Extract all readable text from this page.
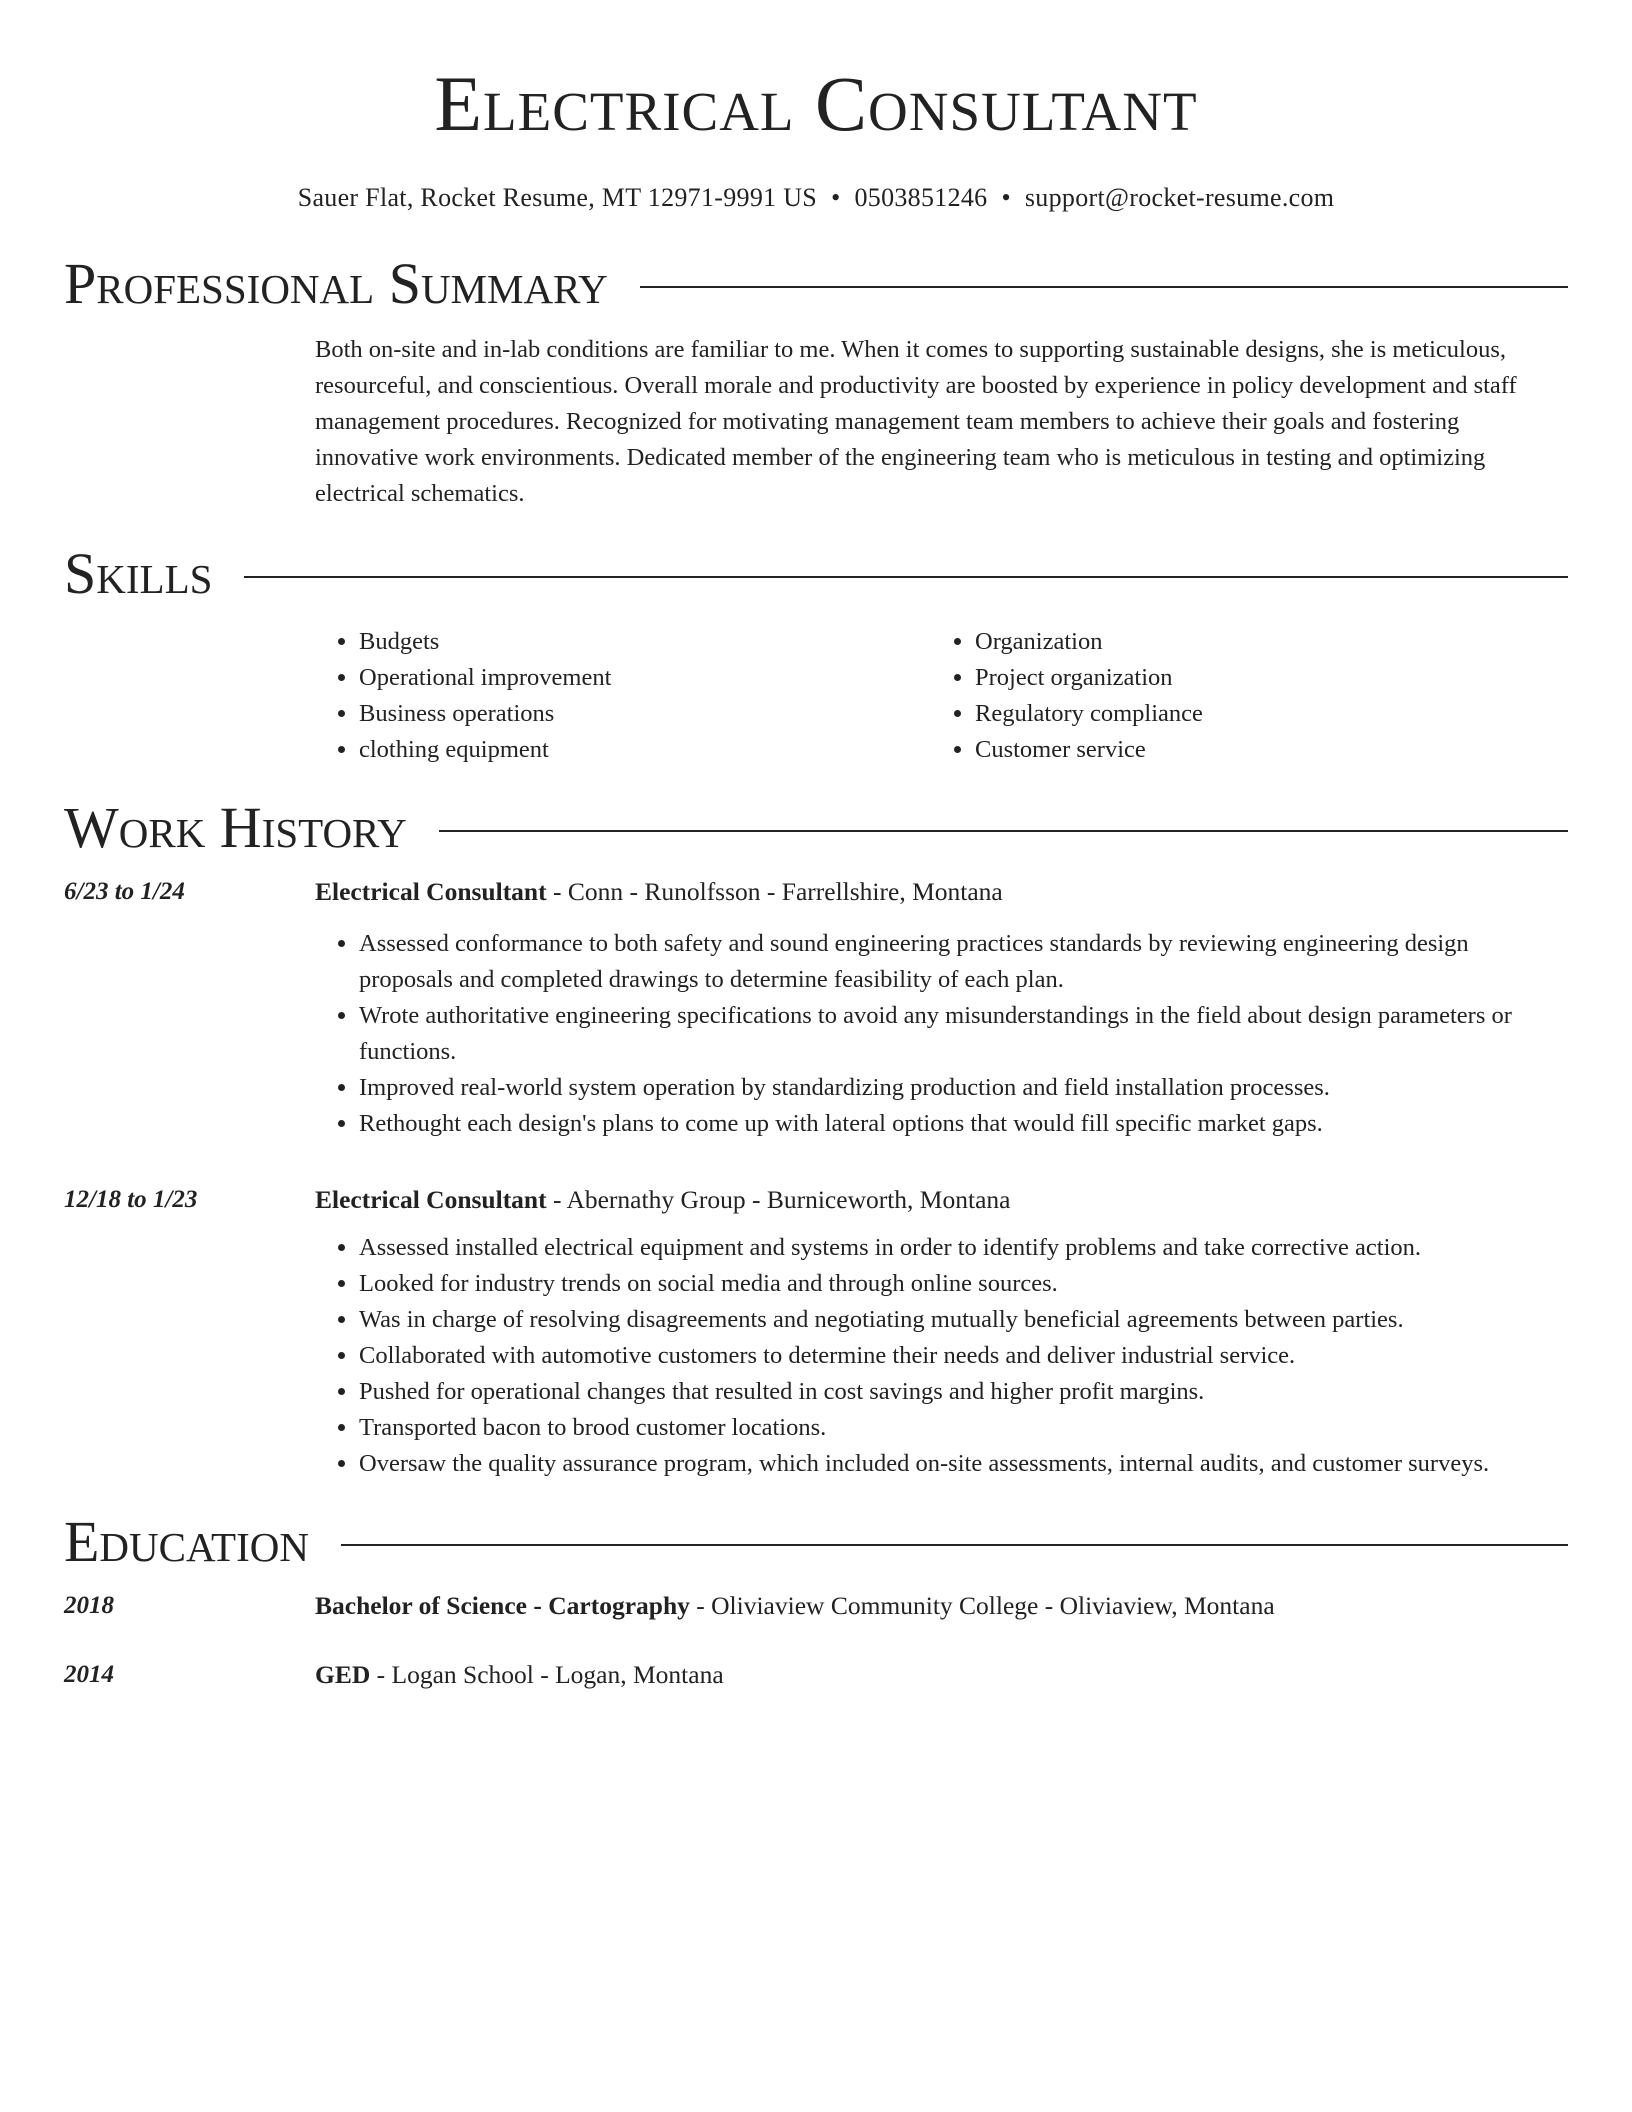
Electrical Consultant
Sauer Flat, Rocket Resume, MT 12971-9991 US • 0503851246 • support@rocket-resume.com
Professional Summary
Both on-site and in-lab conditions are familiar to me. When it comes to supporting sustainable designs, she is meticulous, resourceful, and conscientious. Overall morale and productivity are boosted by experience in policy development and staff management procedures. Recognized for motivating management team members to achieve their goals and fostering innovative work environments. Dedicated member of the engineering team who is meticulous in testing and optimizing electrical schematics.
Skills
• Budgets
• Operational improvement
• Business operations
• clothing equipment
• Organization
• Project organization
• Regulatory compliance
• Customer service
Work History
6/23 to 1/24	Electrical Consultant - Conn - Runolfsson - Farrellshire, Montana
• Assessed conformance to both safety and sound engineering practices standards by reviewing engineering design proposals and completed drawings to determine feasibility of each plan.
• Wrote authoritative engineering specifications to avoid any misunderstandings in the field about design parameters or functions.
• Improved real-world system operation by standardizing production and field installation processes.
• Rethought each design's plans to come up with lateral options that would fill specific market gaps.
12/18 to 1/23	Electrical Consultant - Abernathy Group - Burniceworth, Montana
• Assessed installed electrical equipment and systems in order to identify problems and take corrective action.
• Looked for industry trends on social media and through online sources.
• Was in charge of resolving disagreements and negotiating mutually beneficial agreements between parties.
• Collaborated with automotive customers to determine their needs and deliver industrial service.
• Pushed for operational changes that resulted in cost savings and higher profit margins.
• Transported bacon to brood customer locations.
• Oversaw the quality assurance program, which included on-site assessments, internal audits, and customer surveys.
Education
2018	Bachelor of Science - Cartography - Oliviaview Community College - Oliviaview, Montana
2014	GED - Logan School - Logan, Montana
